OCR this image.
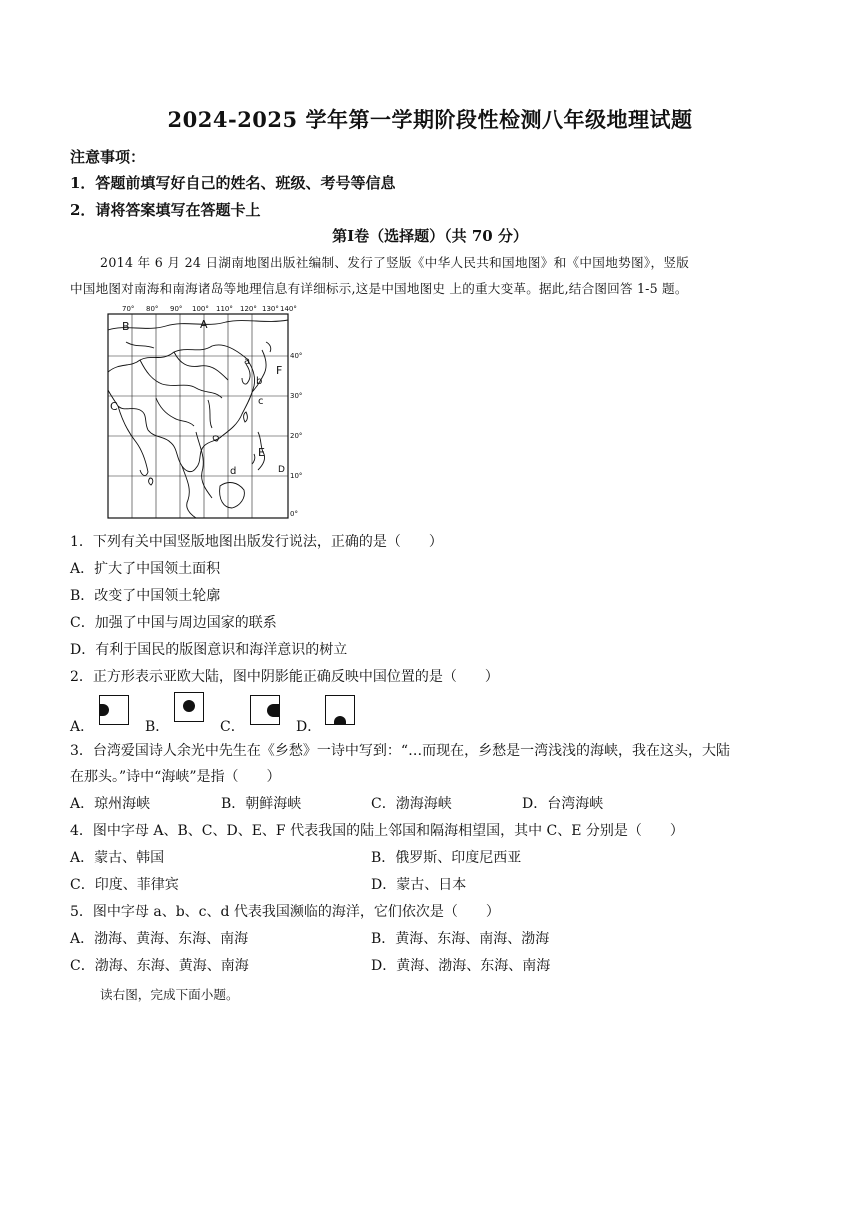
2024-2025 学年第一学期阶段性检测八年级地理试题
注意事项：
1．答题前填写好自己的姓名、班级、考号等信息
2．请将答案填写在答题卡上
第Ⅰ卷（选择题）（共 70 分）
2014 年 6 月 24 日湖南地图出版社编制、发行了竖版《中华人民共和国地图》和《中国地势图》，竖版
中国地图对南海和南海诸岛等地理信息有详细标示,这是中国地图史 上的重大变革。据此,结合图回答 1-5 题。
70° 80° 90° 100° 110° 120° 130° 140°
40°
30°
20°
10°
0°
A
B
C
D
E
F
a
b
c
d
1．下列有关中国竖版地图出版发行说法，正确的是（　　）
A．扩大了中国领土面积
B．改变了中国领土轮廓
C．加强了中国与周边国家的联系
D．有利于国民的版图意识和海洋意识的树立
2．正方形表示亚欧大陆，图中阴影能正确反映中国位置的是（　　）
A．	B．	C．	D．
3．台湾爱国诗人余光中先生在《乡愁》一诗中写到：“…而现在，乡愁是一湾浅浅的海峡，我在这头，大陆
在那头。”诗中“海峡”是指（　　）
A．琼州海峡	B．朝鲜海峡	C．渤海海峡	D．台湾海峡
4．图中字母 A、B、C、D、E、F 代表我国的陆上邻国和隔海相望国，其中 C、E 分别是（　　）
A．蒙古、韩国	B．俄罗斯、印度尼西亚
C．印度、菲律宾	D．蒙古、日本
5．图中字母 a、b、c、d 代表我国濒临的海洋，它们依次是（　　）
A．渤海、黄海、东海、南海	B．黄海、东海、南海、渤海
C．渤海、东海、黄海、南海	D．黄海、渤海、东海、南海
读右图，完成下面小题。
